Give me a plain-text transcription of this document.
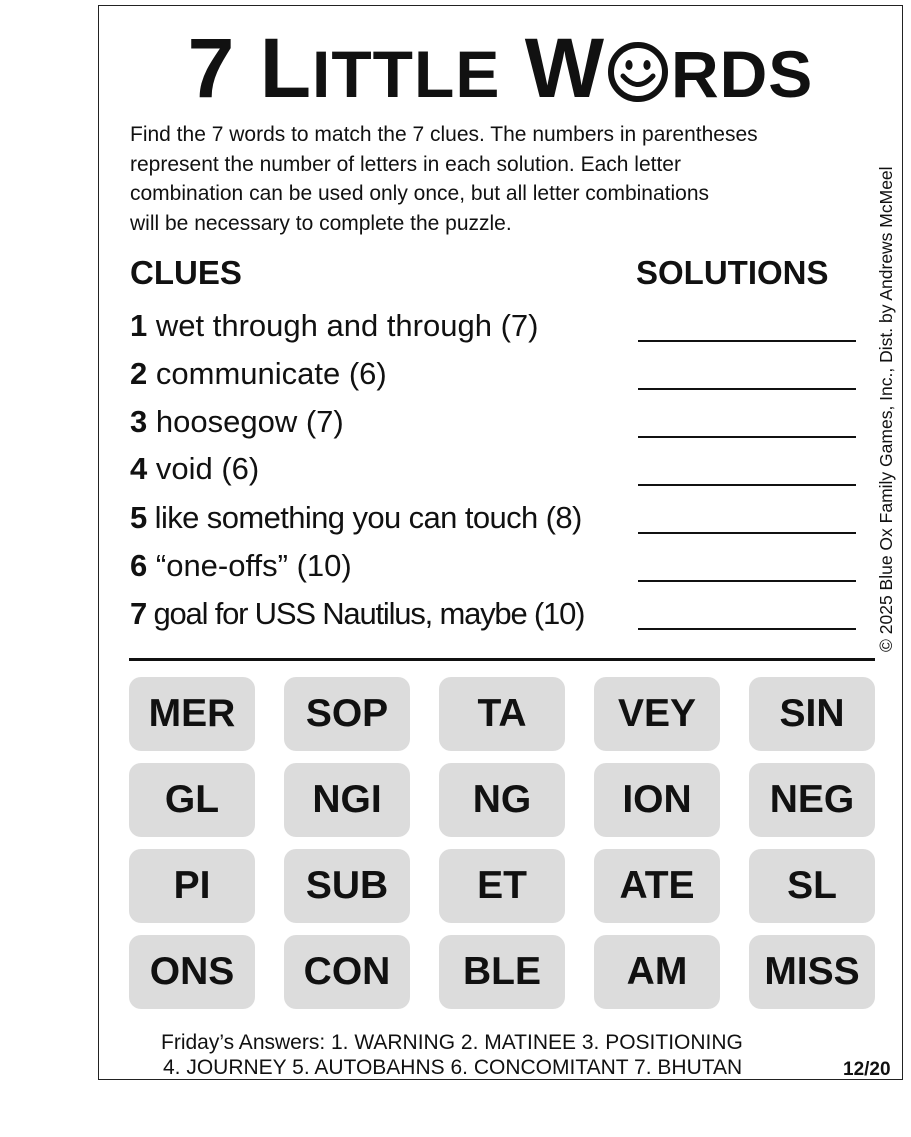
7 LITTLE W RDS
Find the 7 words to match the 7 clues. The numbers in parentheses
represent the number of letters in each solution. Each letter
combination can be used only once, but all letter combinations
will be necessary to complete the puzzle.	© 2025 Blue Ox Family Games, Inc., Dist. by Andrews McMeel
CLUES	SOLUTIONS
1 wet through and through (7)
2 communicate (6)
3 hoosegow (7)
4 void (6)
5 like something you can touch (8)
6 “one-offs” (10)
7 goal for USS Nautilus, maybe (10)
MER	SOP	TA	VEY	SIN
GL	NGI	NG	ION	NEG
PI	SUB	ET	ATE	SL
ONS	CON	BLE	AM	MISS
Friday’s Answers: 1. WARNING 2. MATINEE 3. POSITIONING
4. JOURNEY 5. AUTOBAHNS 6. CONCOMITANT 7. BHUTAN	12/20
